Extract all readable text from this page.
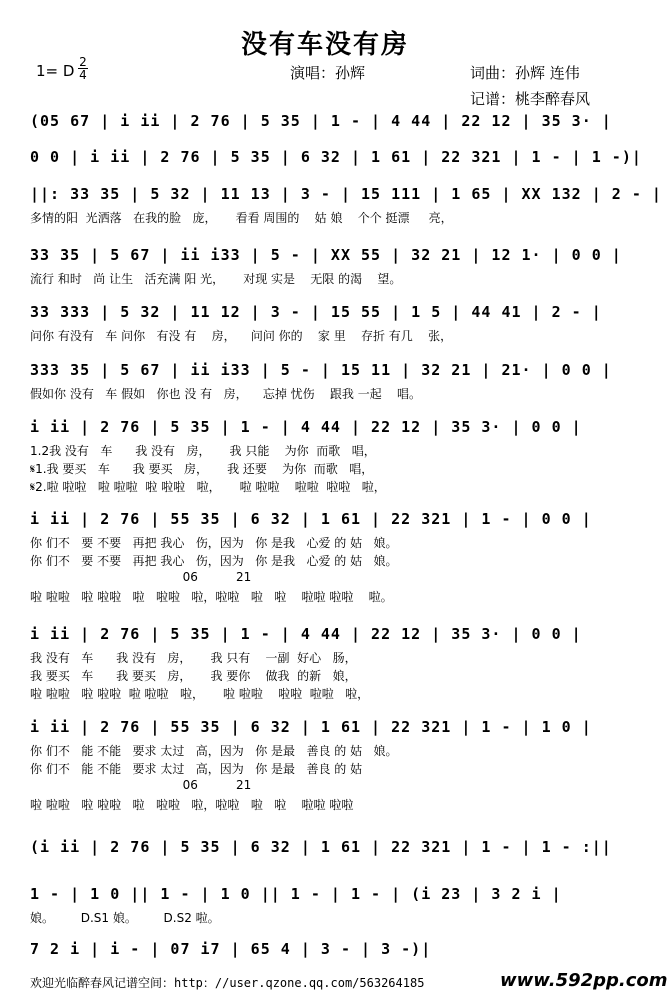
没有车没有房
1= D 2
4	演唱：孙辉	词曲：孙辉 连伟
记谱：桃李醉春风
(05 67 | i ii | 2 76 | 5 35 | 1 - | 4 44 | 22 12 | 35 3· |
0 0 | i ii | 2 76 | 5 35 | 6 32 | 1 61 | 22 321 | 1 - | 1 -)|
||: 33 35 | 5 32 | 11 13 | 3 - | 15 111 | 1 65 | XX 132 | 2 - |
多情的阳  光洒落   在我的脸   庞，     看看 周围的    姑 娘    个个 挺漂     亮，
33 35 | 5 67 | ii i33 | 5 - | XX 55 | 32 21 | 12 1· | 0 0 |
流行 和时   尚 让生   活充满 阳 光，     对现 实是    无限 的渴    望。
33 333 | 5 32 | 11 12 | 3 - | 15 55 | 1 5 | 44 41 | 2 - |
问你 有没有   车 问你   有没 有    房，    问问 你的    家 里    存折 有几    张，
333 35 | 5 67 | ii i33 | 5 - | 15 11 | 32 21 | 21· | 0 0 |
假如你 没有   车 假如   你也 没 有   房，    忘掉 忧伤    跟我 一起    唱。
i ii | 2 76 | 5 35 | 1 - | 4 44 | 22 12 | 35 3· | 0 0 |
1.2我 没有   车      我 没有   房，     我 只能    为你  而歌   唱，
𝄋1.我 要买   车      我 要买   房，     我 还要    为你  而歌   唱，
𝄋2.啦 啦啦   啦 啦啦  啦 啦啦   啦，     啦 啦啦    啦啦  啦啦   啦，
i ii | 2 76 | 55 35 | 6 32 | 1 61 | 22 321 | 1 - | 0 0 |
你 们不   要 不要   再把 我心   伤，因为   你 是我   心爱 的 姑   娘。
你 们不   要 不要   再把 我心   伤，因为   你 是我   心爱 的 姑   娘。
06          21
啦 啦啦   啦 啦啦   啦   啦啦   啦，啦啦   啦   啦    啦啦 啦啦    啦。
i ii | 2 76 | 5 35 | 1 - | 4 44 | 22 12 | 35 3· | 0 0 |
我 没有   车      我 没有   房，     我 只有    一副  好心   肠，
我 要买   车      我 要买   房，     我 要你    做我  的新   娘，
啦 啦啦   啦 啦啦  啦 啦啦   啦，     啦 啦啦    啦啦  啦啦   啦，
i ii | 2 76 | 55 35 | 6 32 | 1 61 | 22 321 | 1 - | 1 0 |
你 们不   能 不能   要求 太过   高，因为   你 是最   善良 的 姑   娘。
你 们不   能 不能   要求 太过   高，因为   你 是最   善良 的 姑
06          21
啦 啦啦   啦 啦啦   啦   啦啦   啦，啦啦   啦   啦    啦啦 啦啦
(i ii | 2 76 | 5 35 | 6 32 | 1 61 | 22 321 | 1 - | 1 - :||
1 - | 1 0 || 1 - | 1 0 || 1 - | 1 - | (i 23 | 3 2 i |
娘。       D.S1 娘。       D.S2 啦。
7 2 i | i - | 07 i7 | 65 4 | 3 - | 3 -)|
欢迎光临醉春风记谱空间：http：//user.qzone.qq.com/563264185	www.592pp.com
